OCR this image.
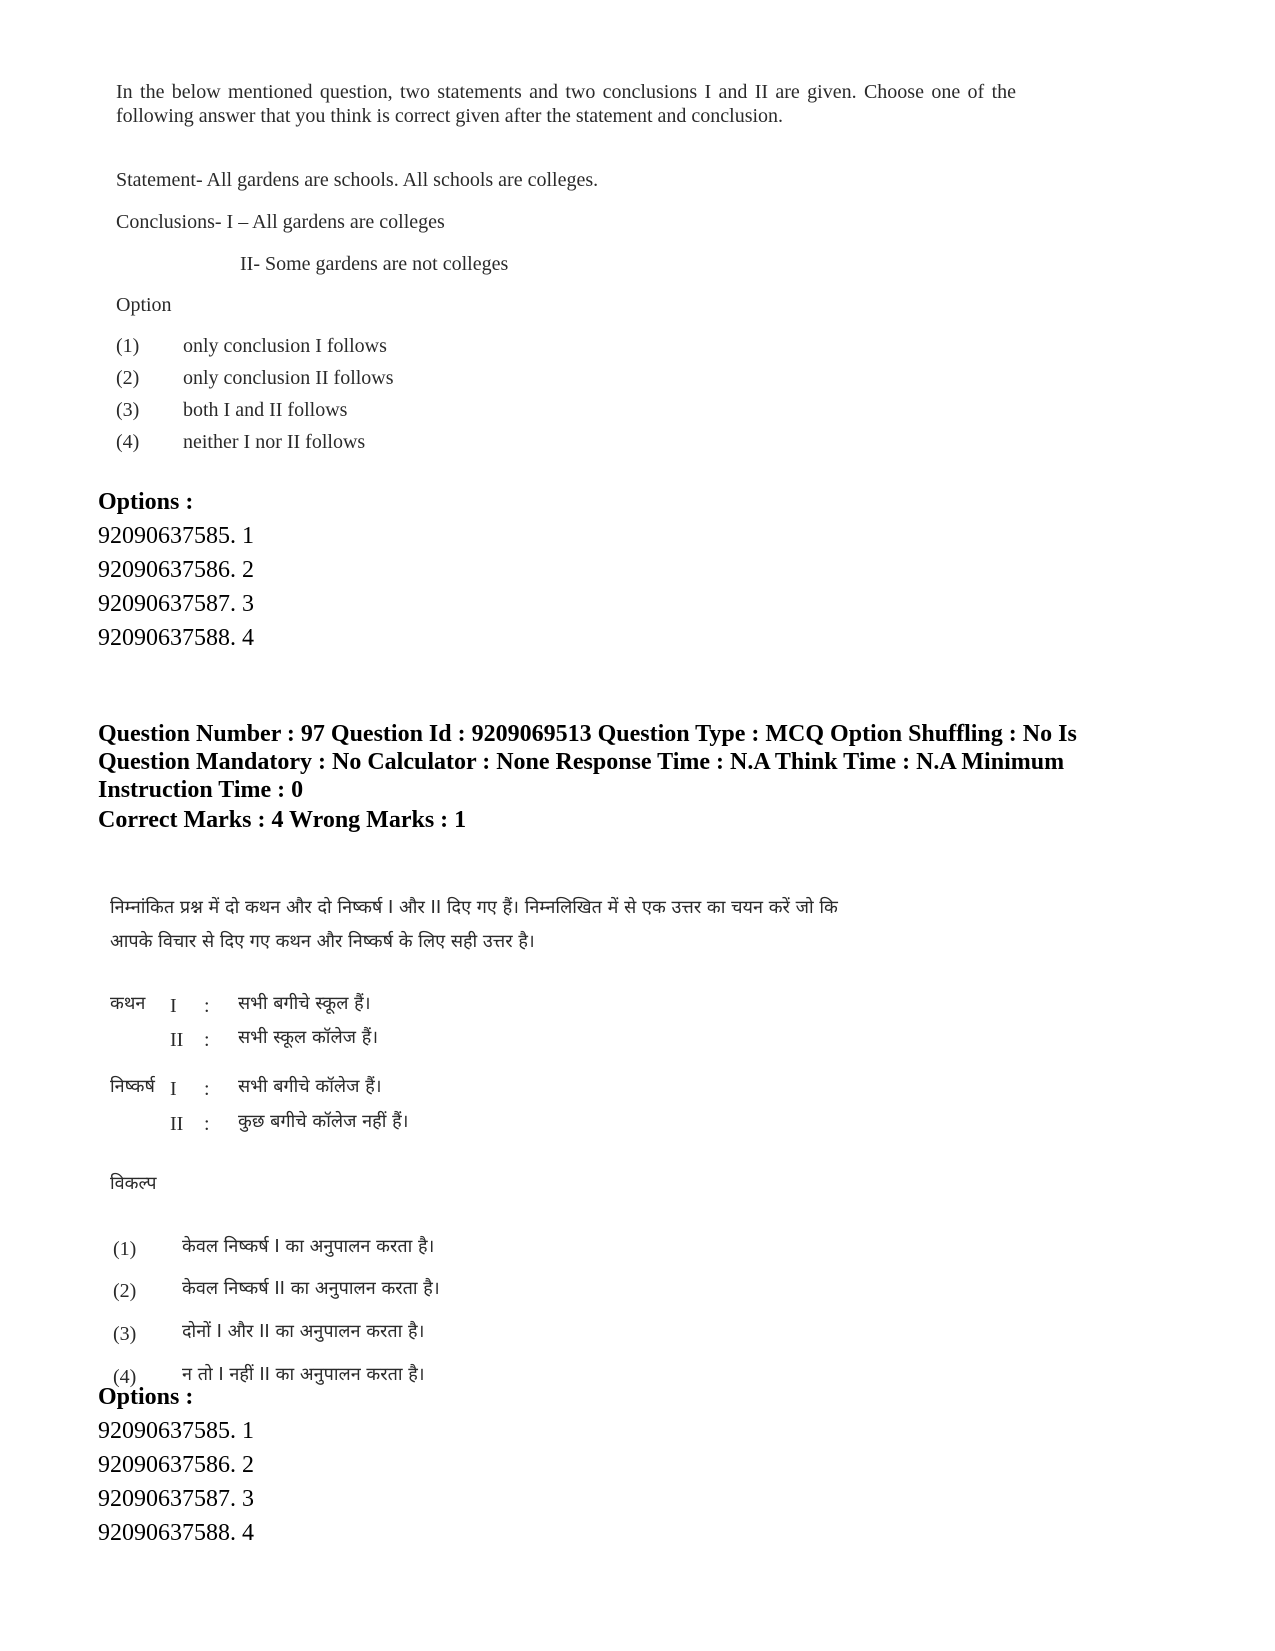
In the below mentioned question, two statements and two conclusions I and II are given. Choose one of the following answer that you think is correct given after the statement and conclusion.

Statement- All gardens are schools. All schools are colleges.
Conclusions- I – All gardens are colleges
II- Some gardens are not colleges
Option
(1) only conclusion I follows
(2) only conclusion II follows
(3) both I and II follows
(4) neither I nor II follows
Options :
92090637585. 1
92090637586. 2
92090637587. 3
92090637588. 4
Question Number : 97 Question Id : 9209069513 Question Type : MCQ Option Shuffling : No Is Question Mandatory : No Calculator : None Response Time : N.A Think Time : N.A Minimum Instruction Time : 0
Correct Marks : 4 Wrong Marks : 1
निम्नांकित प्रश्न में दो कथन और दो निष्कर्ष I और II दिए गए हैं। निम्नलिखित में से एक उत्तर का चयन करें जो कि
आपके विचार से दिए गए कथन और निष्कर्ष के लिए सही उत्तर है।
कथन I : सभी बगीचे स्कूल हैं।
II : सभी स्कूल कॉलेज हैं।
निष्कर्ष I : सभी बगीचे कॉलेज हैं।
II : कुछ बगीचे कॉलेज नहीं हैं।
विकल्प
(1)	केवल निष्कर्ष I का अनुपालन करता है।
(2)	केवल निष्कर्ष II का अनुपालन करता है।
(3)	दोनों I और II का अनुपालन करता है।
(4)	न तो I नहीं II का अनुपालन करता है।
Options :
92090637585. 1
92090637586. 2
92090637587. 3
92090637588. 4
